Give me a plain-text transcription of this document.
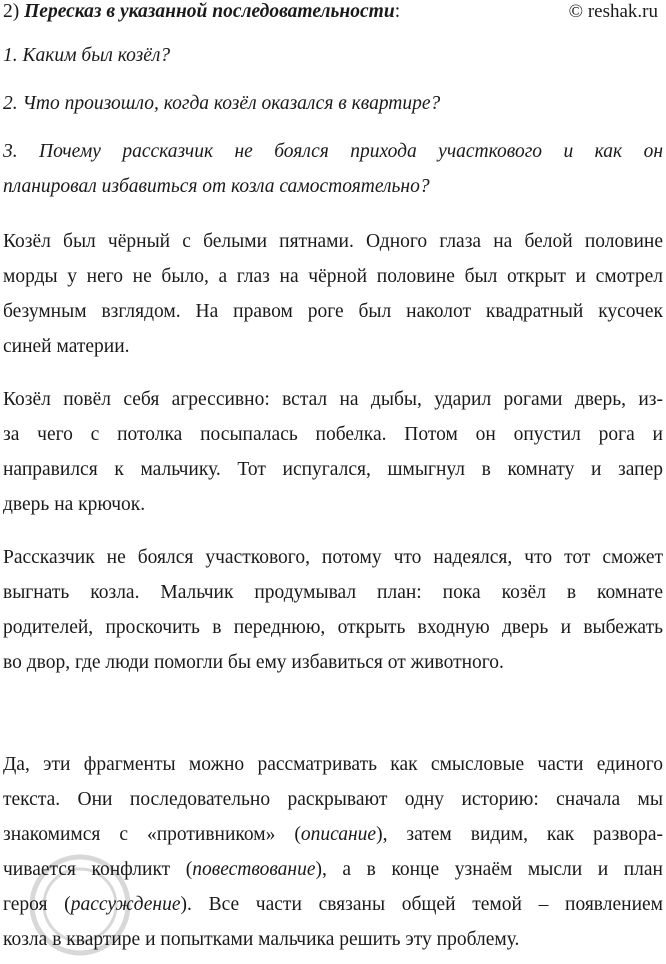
2) Пересказ в указанной последовательности:
1. Каким был козёл?
2. Что произошло, когда козёл оказался в квартире?
3. Почему рассказчик не боялся прихода участкового и как он
планировал избавиться от козла самостоятельно?
Козёл был чёрный с белыми пятнами. Одного глаза на белой половине
морды у него не было, а глаз на чёрной половине был открыт и смотрел
безумным взглядом. На правом роге был наколот квадратный кусочек
синей материи.
Козёл повёл себя агрессивно: встал на дыбы, ударил рогами дверь, из-
за чего с потолка посыпалась побелка. Потом он опустил рога и
направился к мальчику. Тот испугался, шмыгнул в комнату и запер
дверь на крючок.
Рассказчик не боялся участкового, потому что надеялся, что тот сможет
выгнать козла. Мальчик продумывал план: пока козёл в комнате
родителей, проскочить в переднюю, открыть входную дверь и выбежать
во двор, где люди помогли бы ему избавиться от животного.
Да, эти фрагменты можно рассматривать как смысловые части единого
текста. Они последовательно раскрывают одну историю: сначала мы
знакомимся с «противником» (описание), затем видим, как развора-
чивается конфликт (повествование), а в конце узнаём мысли и план
героя (рассуждение). Все части связаны общей темой – появлением
козла в квартире и попытками мальчика решить эту проблему.
© reshak.ru
